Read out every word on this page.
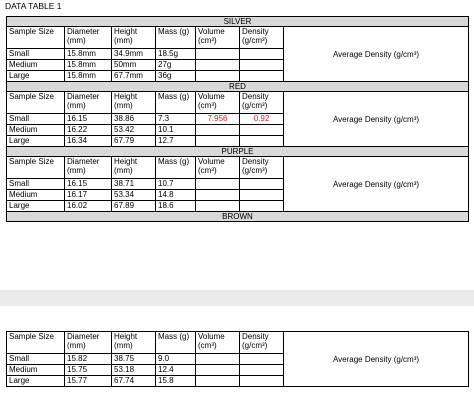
DATA TABLE 1
SILVER						
Sample Size	Diameter (mm)	Height (mm)	Mass (g)	Volume (cm³)	Density (g/cm³)	Average Density (g/cm³)
Small	15.8mm	34.9mm	18.5g			
Medium	15.8mm	50mm	27g			
Large	15.8mm	67.7mm	36g			
RED						
Sample Size	Diameter (mm)	Height (mm)	Mass (g)	Volume (cm³)	Density (g/cm³)	Average Density (g/cm³)
Small	16.15	38.86	7.3	7.956	0.92	
Medium	16.22	53.42	10.1			
Large	16.34	67.79	12.7			
PURPLE						
Sample Size	Diameter (mm)	Height (mm)	Mass (g)	Volume (cm³)	Density (g/cm³)	Average Density (g/cm³)
Small	16.15	38.71	10.7			
Medium	16.17	53.34	14.8			
Large	16.02	67.89	18.6			
BROWN						
Sample Size	Diameter (mm)	Height (mm)	Mass (g)	Volume (cm³)	Density (g/cm³)	Average Density (g/cm³)
Small	15.82	38.75	9.0			
Medium	15.75	53.18	12.4			
Large	15.77	67.74	15.8			
